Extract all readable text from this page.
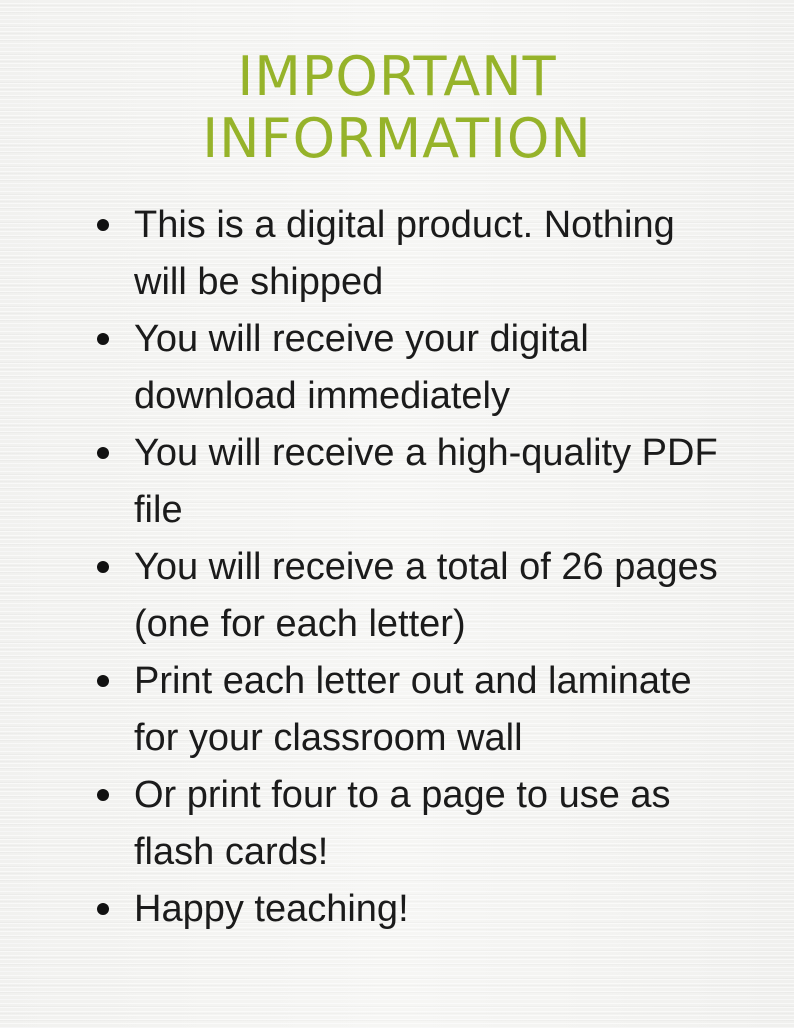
IMPORTANT
INFORMATION
This is a digital product. Nothing will be shipped
You will receive your digital download immediately
You will receive a high-quality PDF file
You will receive a total of 26 pages (one for each letter)
Print each letter out and laminate for your classroom wall
Or print four to a page to use as flash cards!
Happy teaching!
